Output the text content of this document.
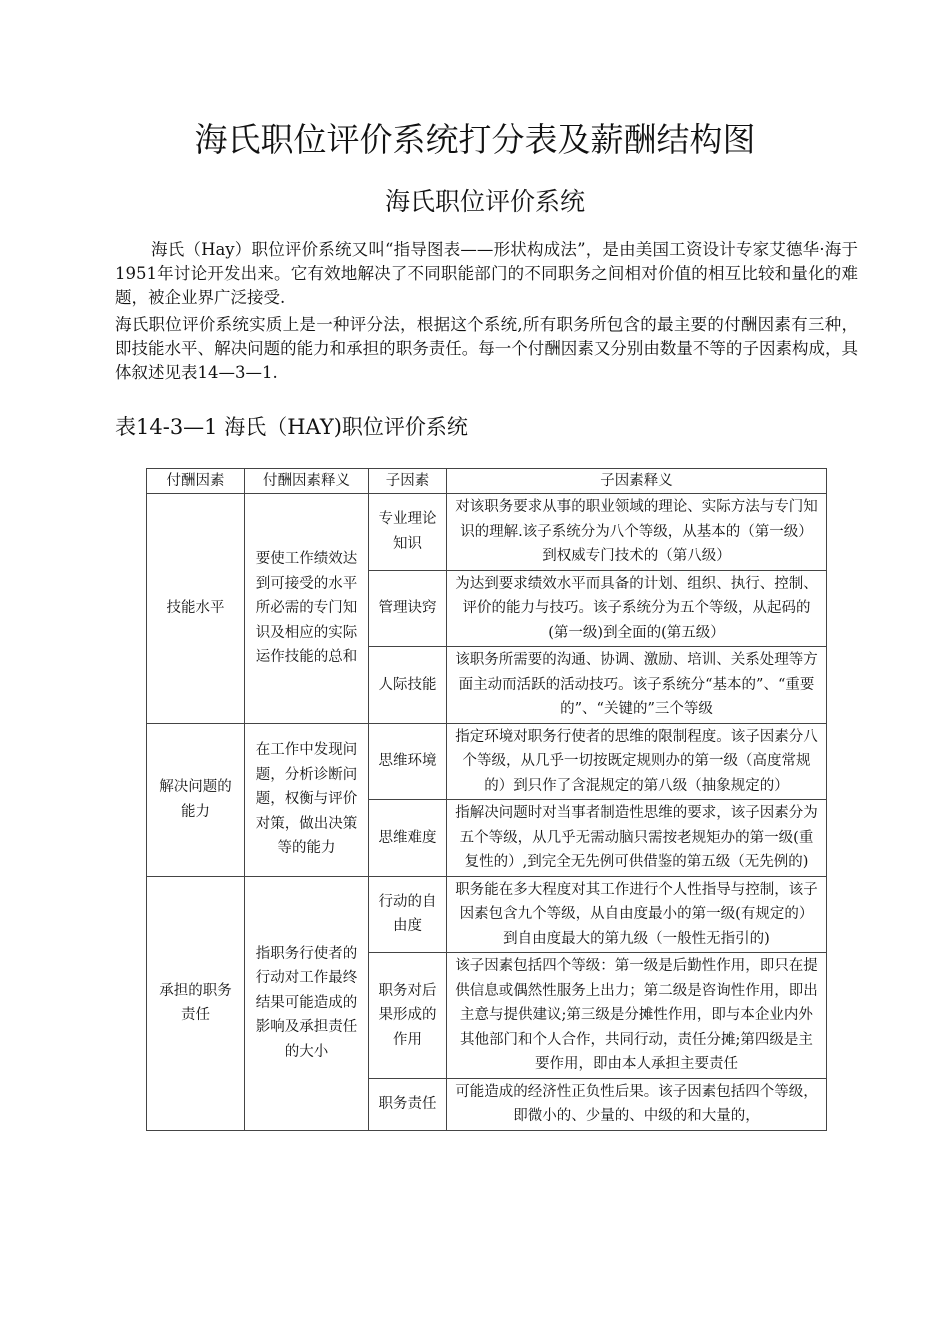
海氏职位评价系统打分表及薪酬结构图
海氏职位评价系统

海氏（Hay）职位评价系统又叫“指导图表——形状构成法”，是由美国工资设计专家艾德华·海于1951年讨论开发出来。它有效地解决了不同职能部门的不同职务之间相对价值的相互比较和量化的难题，被企业界广泛接受.

海氏职位评价系统实质上是一种评分法，根据这个系统,所有职务所包含的最主要的付酬因素有三种，即技能水平、解决问题的能力和承担的职务责任。每一个付酬因素又分别由数量不等的子因素构成，具体叙述见表14—3—1.

表14-3—1 海氏（HAY)职位评价系统
付酬因素	付酬因素释义	子因素	子因素释义
技能水平	要使工作绩效达到可接受的水平所必需的专门知识及相应的实际运作技能的总和	专业理论知识	对该职务要求从事的职业领域的理论、实际方法与专门知识的理解.该子系统分为八个等级，从基本的（第一级）到权威专门技术的（第八级）
		管理诀窍	为达到要求绩效水平而具备的计划、组织、执行、控制、评价的能力与技巧。该子系统分为五个等级，从起码的(第一级)到全面的(第五级）
		人际技能	该职务所需要的沟通、协调、激励、培训、关系处理等方面主动而活跃的活动技巧。该子系统分“基本的”、“重要的”、“关键的”三个等级
解决问题的能力	在工作中发现问题，分析诊断问题，权衡与评价对策，做出决策等的能力	思维环境	指定环境对职务行使者的思维的限制程度。该子因素分八个等级，从几乎一切按既定规则办的第一级（高度常规的）到只作了含混规定的第八级（抽象规定的）
		思维难度	指解决问题时对当事者制造性思维的要求，该子因素分为五个等级，从几乎无需动脑只需按老规矩办的第一级(重复性的）,到完全无先例可供借鉴的第五级（无先例的)
承担的职务责任	指职务行使者的行动对工作最终结果可能造成的影响及承担责任的大小	行动的自由度	职务能在多大程度对其工作进行个人性指导与控制，该子因素包含九个等级，从自由度最小的第一级(有规定的）到自由度最大的第九级（一般性无指引的)
		职务对后果形成的作用	该子因素包括四个等级：第一级是后勤性作用，即只在提供信息或偶然性服务上出力；第二级是咨询性作用，即出主意与提供建议;第三级是分摊性作用，即与本企业内外其他部门和个人合作，共同行动，责任分摊;第四级是主要作用，即由本人承担主要责任
		职务责任	可能造成的经济性正负性后果。该子因素包括四个等级，即微小的、少量的、中级的和大量的，
